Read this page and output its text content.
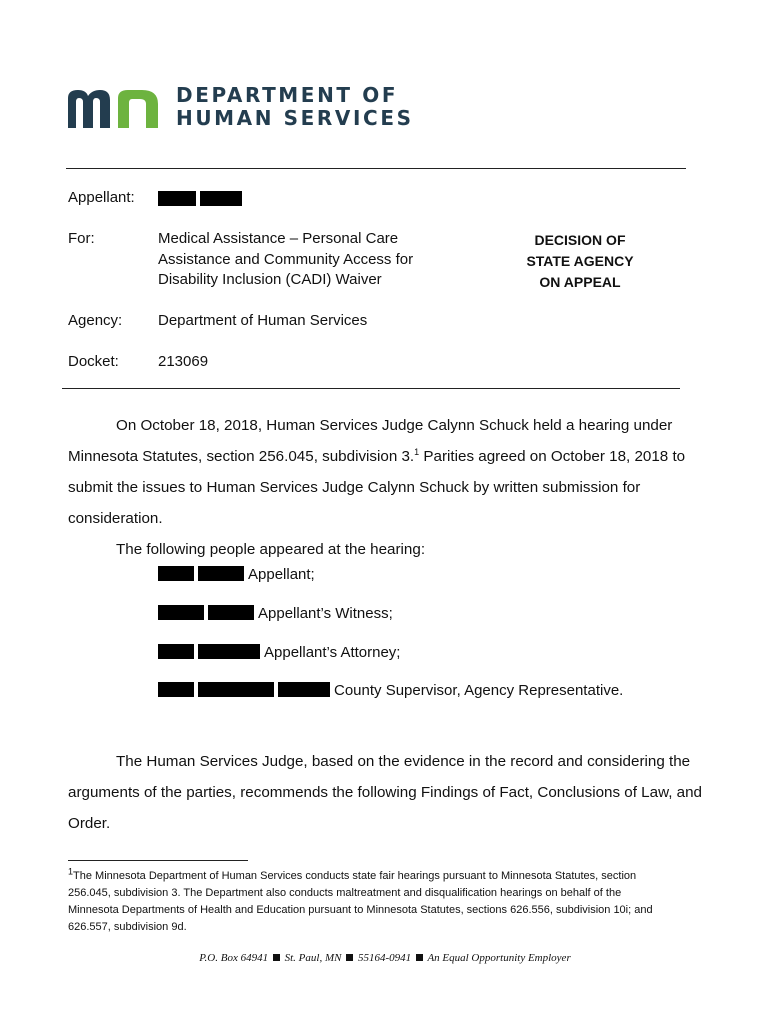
DEPARTMENT OF
HUMAN SERVICES
Appellant:
For:	Medical Assistance – Personal Care
Assistance and Community Access for
Disability Inclusion (CADI) Waiver
DECISION OF
STATE AGENCY
ON APPEAL
Agency: Department of Human Services
Docket:	213069
On October 18, 2018, Human Services Judge Calynn Schuck held a hearing under
Minnesota Statutes, section 256.045, subdivision 3.$^1$ Parities agreed on October 18, 2018 to
submit the issues to Human Services Judge Calynn Schuck by written submission for
consideration.
The following people appeared at the hearing:
Appellant;
Appellant’s Witness;
Appellant’s Attorney;
County Supervisor, Agency Representative.
The Human Services Judge, based on the evidence in the record and considering the
arguments of the parties, recommends the following Findings of Fact, Conclusions of Law, and
Order.
$^1$The Minnesota Department of Human Services conducts state fair hearings pursuant to Minnesota Statutes, section
256.045, subdivision 3. The Department also conducts maltreatment and disqualification hearings on behalf of the
Minnesota Departments of Health and Education pursuant to Minnesota Statutes, sections 626.556, subdivision 10i; and
626.557, subdivision 9d.
P.O. Box 64941 St. Paul, MN 55164-0941 An Equal Opportunity Employer
